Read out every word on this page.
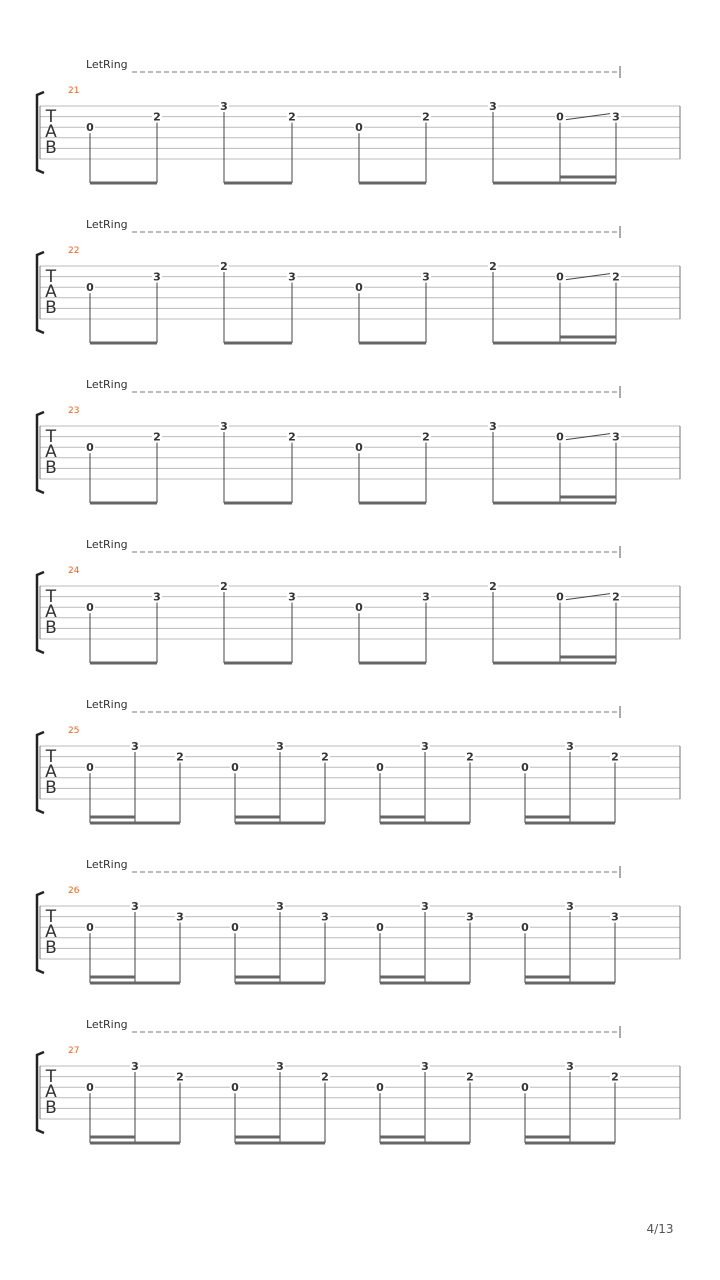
LetRing
21
T
A
B
0
2
3
2
0
2
3
0	3
LetRing
22
T
A
B
0
3
2
3
0
3
2
0	2
LetRing
23
T
A
B
0
2
3
2
0
2
3
0	3
LetRing
24
T
A
B
0
3
2
3
0
3
2
0	2
LetRing
25
T
A
B
0
3
2
0
3
2
0
3
2
0
3
2
LetRing
26
T
A
B
0
3
3
0
3
3
0
3
3
0
3
3
LetRing
27
T
A
B
0
3
2
0
3
2
0
3
2
0
3
2
4/13
